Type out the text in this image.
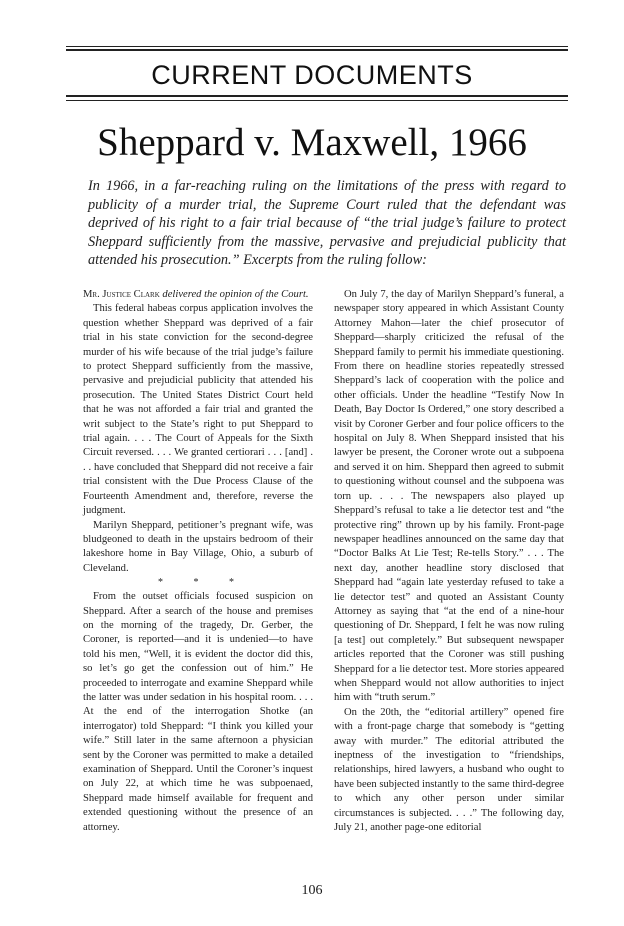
CURRENT DOCUMENTS
Sheppard v. Maxwell, 1966

In 1966, in a far-reaching ruling on the limitations of the press with regard to publicity of a murder trial, the Supreme Court ruled that the defendant was deprived of his right to a fair trial because of “the trial judge’s failure to protect Sheppard sufficiently from the massive, pervasive and prejudicial publicity that attended his prosecution.” Excerpts from the ruling follow:

Mr. Justice Clark delivered the opinion of the Court.

This federal habeas corpus application involves the question whether Sheppard was deprived of a fair trial in his state conviction for the second-degree murder of his wife because of the trial judge’s failure to protect Sheppard sufficiently from the massive, pervasive and prejudicial publicity that attended his prosecution. The United States District Court held that he was not afforded a fair trial and granted the writ subject to the State’s right to put Sheppard to trial again. . . . The Court of Appeals for the Sixth Circuit reversed. . . . We granted certiorari . . . [and] . . . have concluded that Sheppard did not receive a fair trial consistent with the Due Process Clause of the Fourteenth Amendment and, therefore, reverse the judgment.

Marilyn Sheppard, petitioner’s pregnant wife, was bludgeoned to death in the upstairs bedroom of their lakeshore home in Bay Village, Ohio, a suburb of Cleveland.

* * *

From the outset officials focused suspicion on Sheppard. After a search of the house and premises on the morning of the tragedy, Dr. Gerber, the Coroner, is reported—and it is undenied—to have told his men, “Well, it is evident the doctor did this, so let’s go get the confession out of him.” He proceeded to interrogate and examine Sheppard while the latter was under sedation in his hospital room. . . . At the end of the interrogation Shotke (an interrogator) told Sheppard: “I think you killed your wife.” Still later in the same afternoon a physician sent by the Coroner was permitted to make a detailed examination of Sheppard. Until the Coroner’s inquest on July 22, at which time he was subpoenaed, Sheppard made himself available for frequent and extended questioning without the presence of an attorney.

On July 7, the day of Marilyn Sheppard’s funeral, a newspaper story appeared in which Assistant County Attorney Mahon—later the chief prosecutor of Sheppard—sharply criticized the refusal of the Sheppard family to permit his immediate questioning. From there on headline stories repeatedly stressed Sheppard’s lack of cooperation with the police and other officials. Under the headline “Testify Now In Death, Bay Doctor Is Ordered,” one story described a visit by Coroner Gerber and four police officers to the hospital on July 8. When Sheppard insisted that his lawyer be present, the Coroner wrote out a subpoena and served it on him. Sheppard then agreed to submit to questioning without counsel and the subpoena was torn up. . . . The newspapers also played up Sheppard’s refusal to take a lie detector test and “the protective ring” thrown up by his family. Front-page newspaper headlines announced on the same day that “Doctor Balks At Lie Test; Re-tells Story.” . . . The next day, another headline story disclosed that Sheppard had “again late yesterday refused to take a lie detector test” and quoted an Assistant County Attorney as saying that “at the end of a nine-hour questioning of Dr. Sheppard, I felt he was now ruling [a test] out completely.” But subsequent newspaper articles reported that the Coroner was still pushing Sheppard for a lie detector test. More stories appeared when Sheppard would not allow authorities to inject him with “truth serum.”

On the 20th, the “editorial artillery” opened fire with a front-page charge that somebody is “getting away with murder.” The editorial attributed the ineptness of the investigation to “friendships, relationships, hired lawyers, a husband who ought to have been subjected instantly to the same third-degree to which any other person under similar circumstances is subjected. . . .” The following day, July 21, another page-one editorial

106
